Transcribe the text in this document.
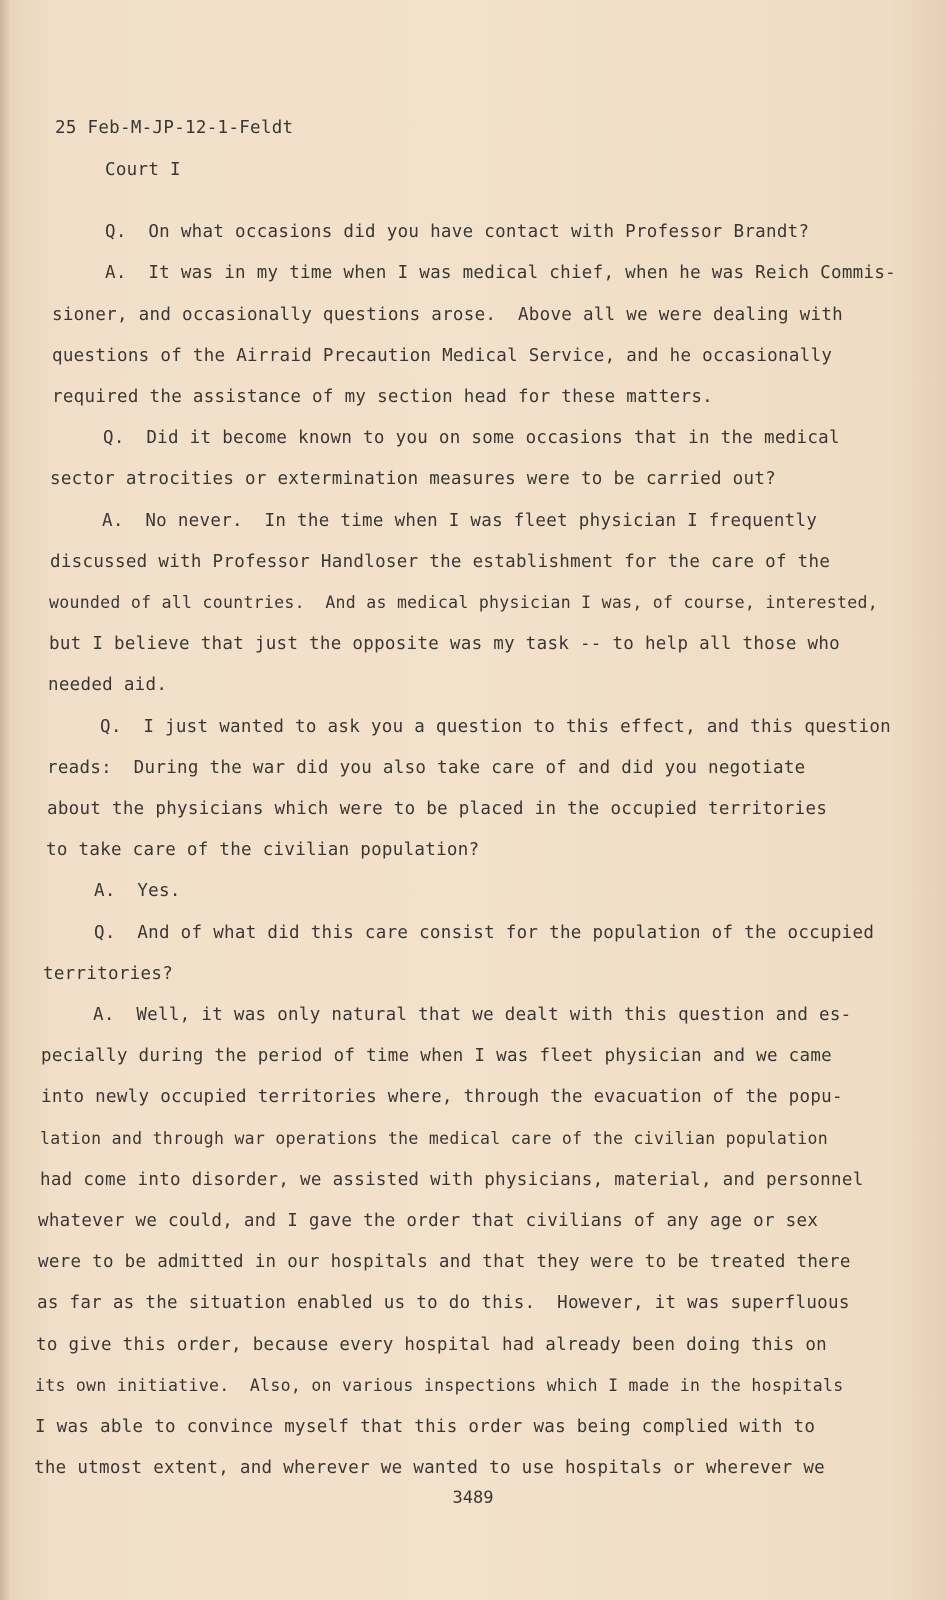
25 Feb-M-JP-12-1-Feldt
Court I
Q.  On what occasions did you have contact with Professor Brandt?
A.  It was in my time when I was medical chief, when he was Reich Commis-
sioner, and occasionally questions arose.  Above all we were dealing with
questions of the Airraid Precaution Medical Service, and he occasionally
required the assistance of my section head for these matters.
Q.  Did it become known to you on some occasions that in the medical
sector atrocities or extermination measures were to be carried out?
A.  No never.  In the time when I was fleet physician I frequently
discussed with Professor Handloser the establishment for the care of the
wounded of all countries.  And as medical physician I was, of course, interested,
but I believe that just the opposite was my task -- to help all those who
needed aid.
Q.  I just wanted to ask you a question to this effect, and this question
reads:  During the war did you also take care of and did you negotiate
about the physicians which were to be placed in the occupied territories
to take care of the civilian population?
A.  Yes.
Q.  And of what did this care consist for the population of the occupied
territories?
A.  Well, it was only natural that we dealt with this question and es-
pecially during the period of time when I was fleet physician and we came
into newly occupied territories where, through the evacuation of the popu-
lation and through war operations the medical care of the civilian population
had come into disorder, we assisted with physicians, material, and personnel
whatever we could, and I gave the order that civilians of any age or sex
were to be admitted in our hospitals and that they were to be treated there
as far as the situation enabled us to do this.  However, it was superfluous
to give this order, because every hospital had already been doing this on
its own initiative.  Also, on various inspections which I made in the hospitals
I was able to convince myself that this order was being complied with to
the utmost extent, and wherever we wanted to use hospitals or wherever we
3489
